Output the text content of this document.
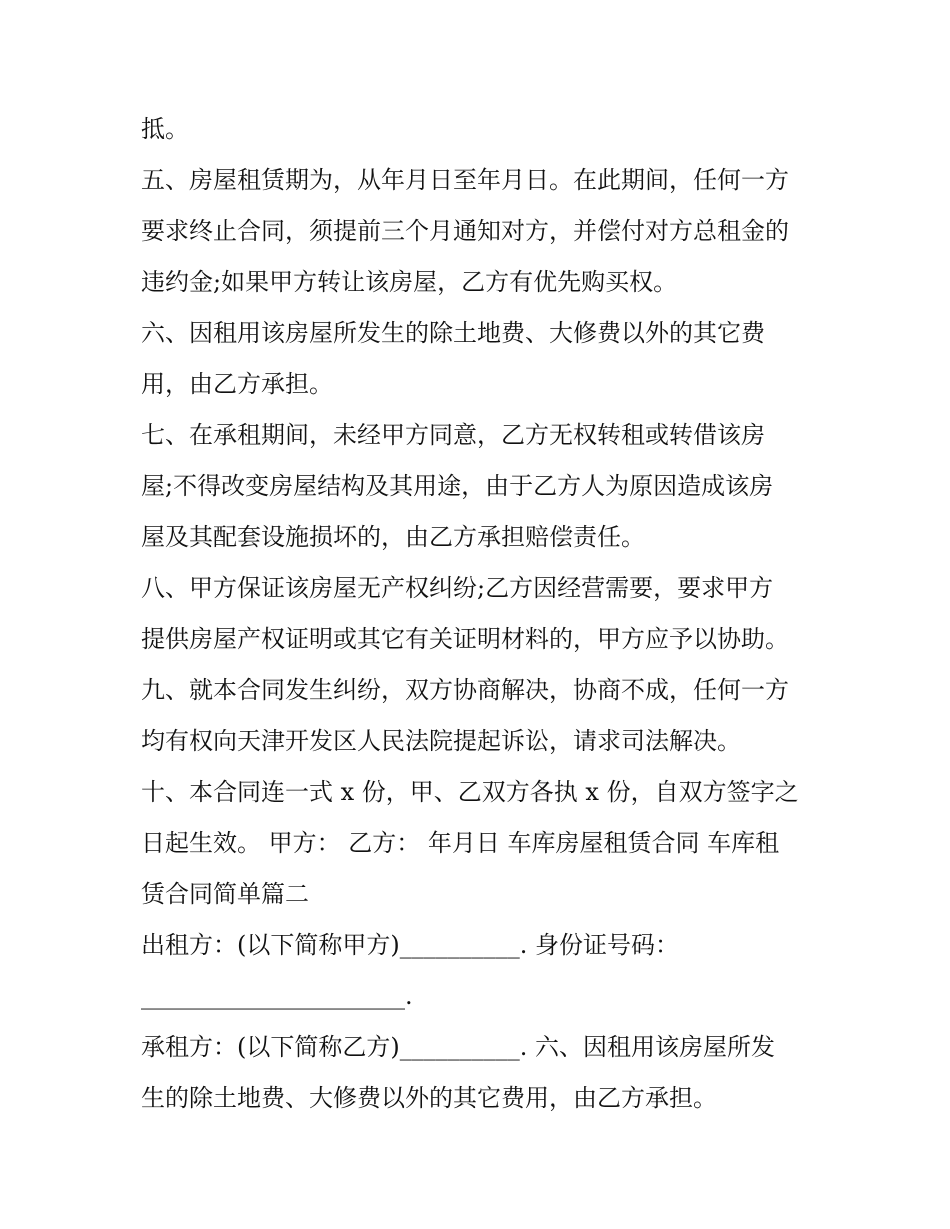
抵。
五、房屋租赁期为，从年月日至年月日。在此期间，任何一方
要求终止合同，须提前三个月通知对方，并偿付对方总租金的
违约金;如果甲方转让该房屋，乙方有优先购买权。
六、因租用该房屋所发生的除土地费、大修费以外的其它费
用，由乙方承担。
七、在承租期间，未经甲方同意，乙方无权转租或转借该房
屋;不得改变房屋结构及其用途，由于乙方人为原因造成该房
屋及其配套设施损坏的，由乙方承担赔偿责任。
八、甲方保证该房屋无产权纠纷;乙方因经营需要，要求甲方
提供房屋产权证明或其它有关证明材料的，甲方应予以协助。
九、就本合同发生纠纷，双方协商解决，协商不成，任何一方
均有权向天津开发区人民法院提起诉讼，请求司法解决。
十、本合同连一式 x 份，甲、乙双方各执 x 份，自双方签字之
日起生效。 甲方： 乙方： 年月日 车库房屋租赁合同 车库租
赁合同简单篇二
出租方：(以下简称甲方)__________. 身份证号码：
______________________.
承租方：(以下简称乙方)__________. 六、因租用该房屋所发
生的除土地费、大修费以外的其它费用，由乙方承担。
